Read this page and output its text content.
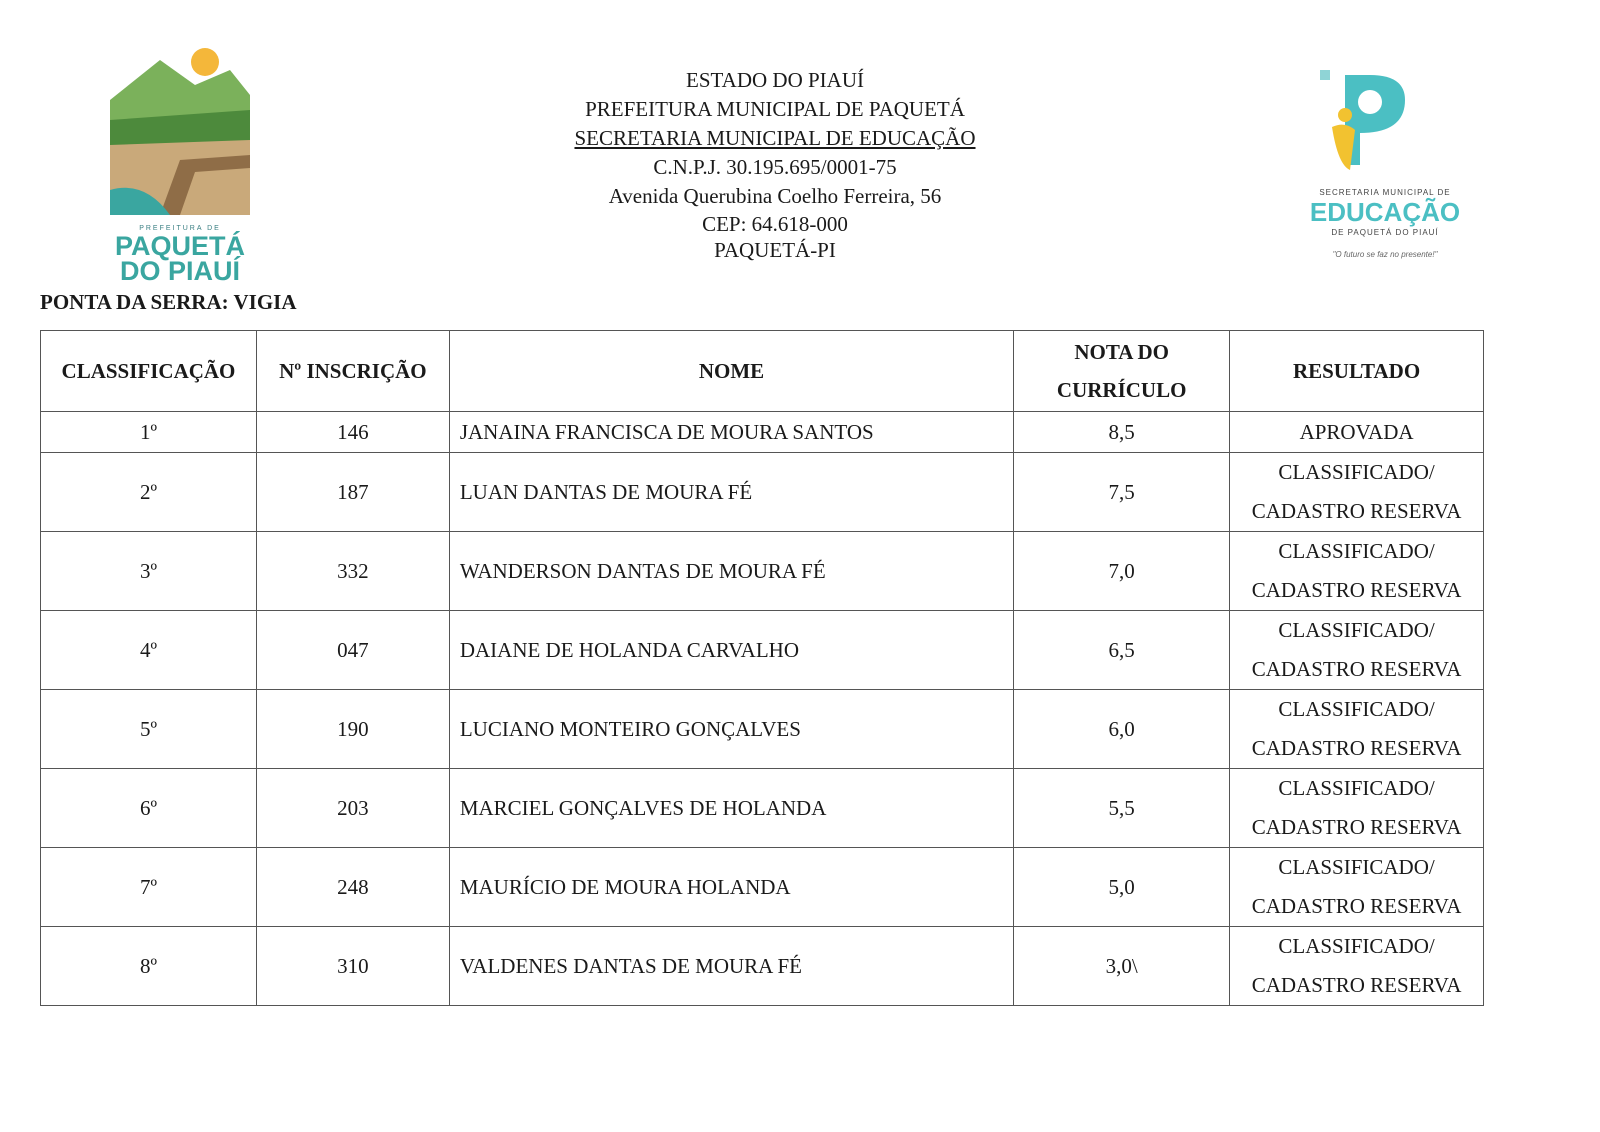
PREFEITURA DE
PAQUETÁ
DO PIAUÍ
ESTADO DO PIAUÍ
PREFEITURA MUNICIPAL DE PAQUETÁ
SECRETARIA MUNICIPAL DE EDUCAÇÃO
C.N.P.J. 30.195.695/0001-75
Avenida Querubina Coelho Ferreira, 56
CEP: 64.618-000
PAQUETÁ-PI
SECRETARIA MUNICIPAL DE
EDUCAÇÃO
DE PAQUETÁ DO PIAUÍ
"O futuro se faz no presente!"
PONTA DA SERRA: VIGIA
CLASSIFICAÇÃO	Nº INSCRIÇÃO	NOME	NOTA DO
CURRÍCULO	RESULTADO
1º	146	JANAINA FRANCISCA DE MOURA SANTOS	8,5	APROVADA
2º	187	LUAN DANTAS DE MOURA FÉ	7,5	CLASSIFICADO/
CADASTRO RESERVA

3º	332	WANDERSON DANTAS DE MOURA FÉ	7,0	CLASSIFICADO/
CADASTRO RESERVA

4º	047	DAIANE DE HOLANDA CARVALHO	6,5	CLASSIFICADO/
CADASTRO RESERVA

5º	190	LUCIANO MONTEIRO GONÇALVES	6,0	CLASSIFICADO/
CADASTRO RESERVA

6º	203	MARCIEL GONÇALVES DE HOLANDA	5,5	CLASSIFICADO/
CADASTRO RESERVA

7º	248	MAURÍCIO DE MOURA HOLANDA	5,0	CLASSIFICADO/
CADASTRO RESERVA

8º	310	VALDENES DANTAS DE MOURA FÉ	3,0\	CLASSIFICADO/
CADASTRO RESERVA
